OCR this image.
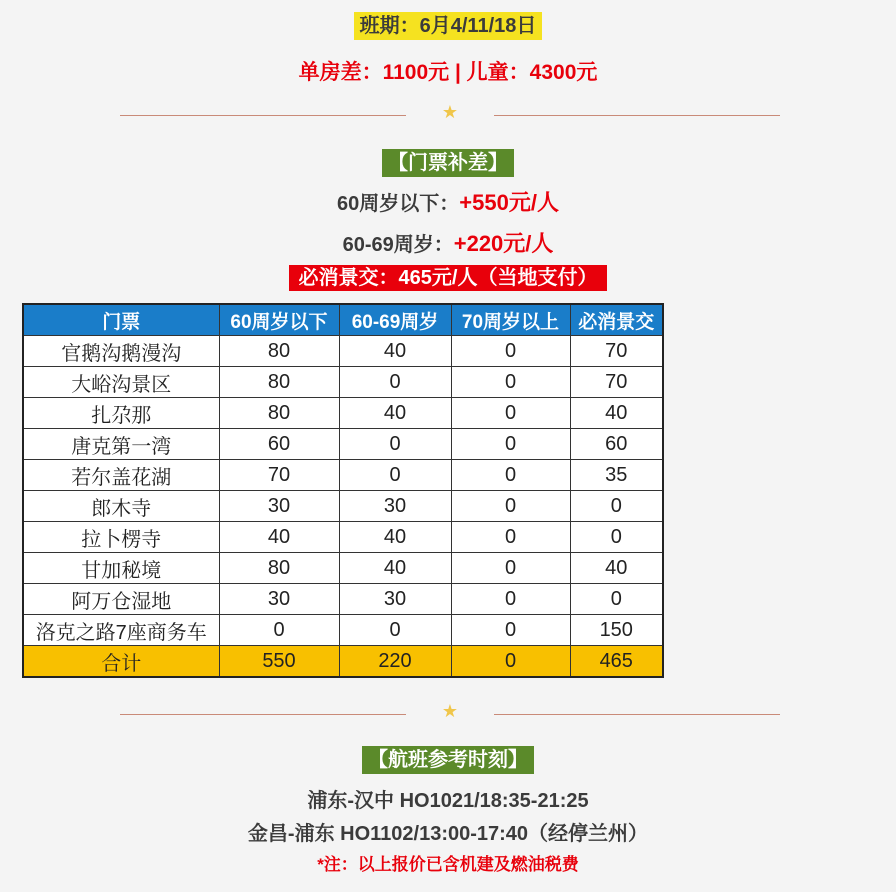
班期：6月4/11/18日
单房差：1100元 | 儿童：4300元
★
【门票补差】
60周岁以下：+550元/人
60-69周岁：+220元/人
必消景交：465元/人（当地支付）
门票	60周岁以下	60-69周岁	70周岁以上	必消景交
官鹅沟鹅漫沟	80	40	0	70
大峪沟景区	80	0	0	70
扎尕那	80	40	0	40
唐克第一湾	60	0	0	60
若尔盖花湖	70	0	0	35
郎木寺	30	30	0	0
拉卜楞寺	40	40	0	0
甘加秘境	80	40	0	40
阿万仓湿地	30	30	0	0
洛克之路7座商务车	0	0	0	150
合计	550	220	0	465
★
【航班参考时刻】
浦东-汉中 HO1021/18:35-21:25
金昌-浦东 HO1102/13:00-17:40（经停兰州）
*注：以上报价已含机建及燃油税费
